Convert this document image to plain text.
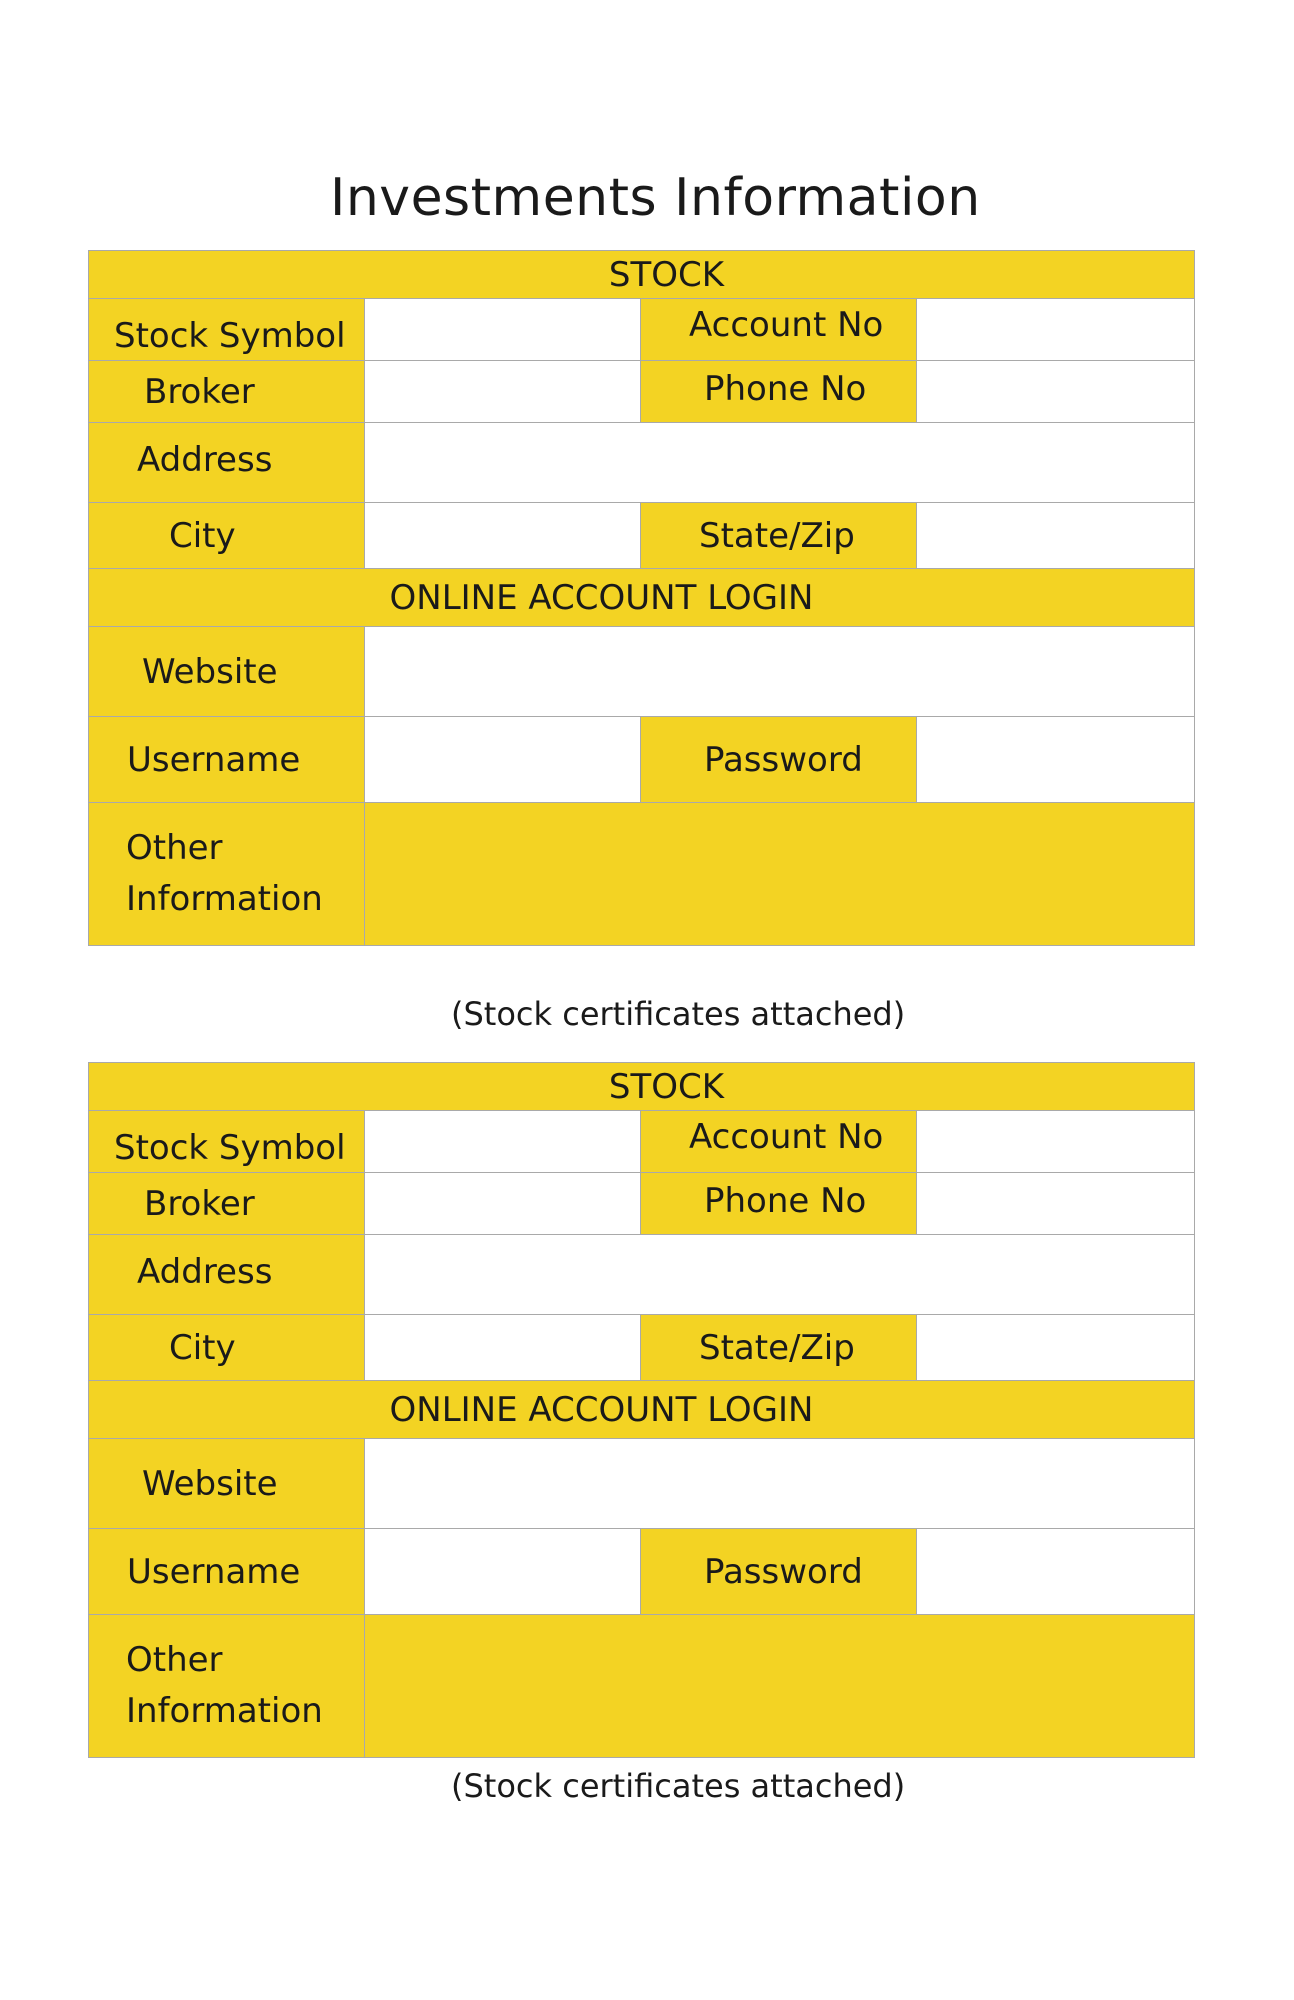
Investments Information
STOCK
Stock Symbol	Account No
Broker	Phone No
Address
City	State/Zip
ONLINE ACCOUNT LOGIN
Website
Username	Password
Other
Information
(Stock certificates attached)
STOCK
Stock Symbol	Account No
Broker	Phone No
Address
City	State/Zip
ONLINE ACCOUNT LOGIN
Website
Username	Password
Other
Information
(Stock certificates attached)
